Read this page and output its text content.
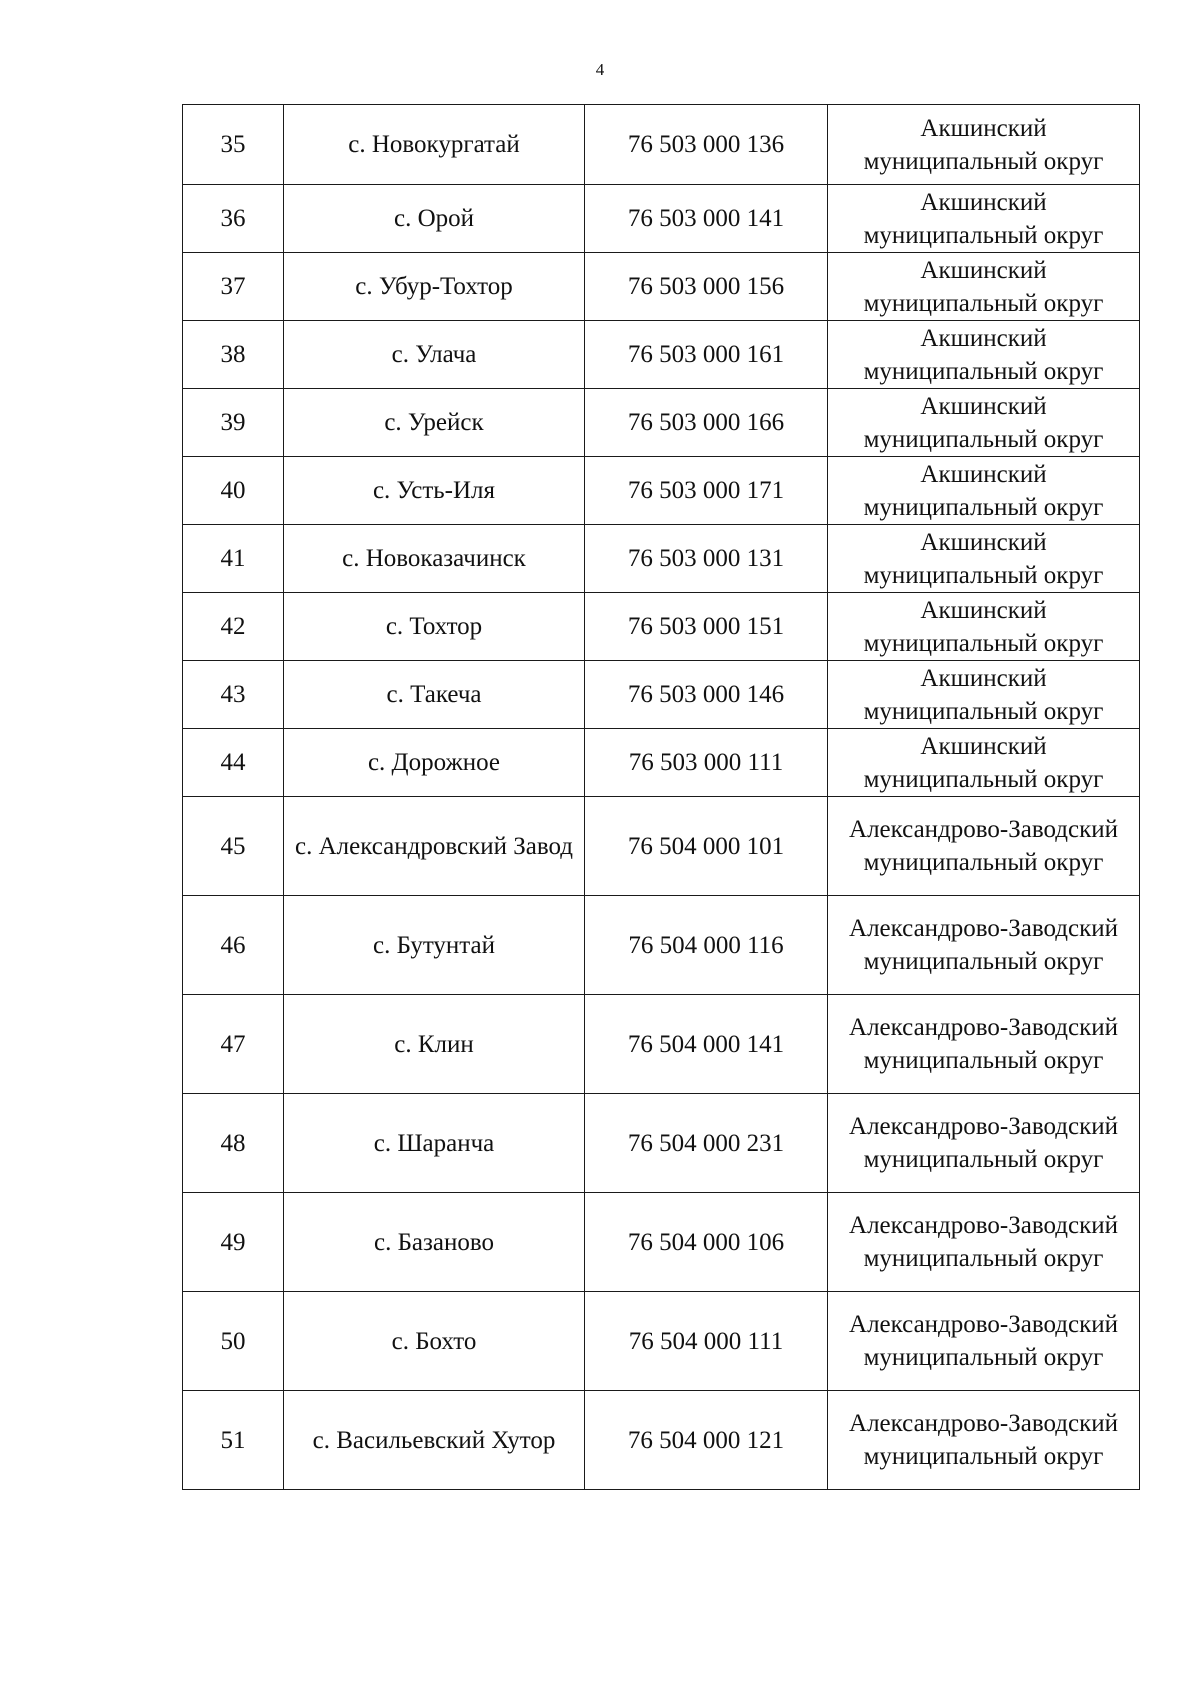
4
35	с. Новокургатай	76 503 000 136	Акшинский муниципальный округ
36	с. Орой	76 503 000 141	Акшинский муниципальный округ
37	с. Убур-Тохтор	76 503 000 156	Акшинский муниципальный округ
38	с. Улача	76 503 000 161	Акшинский муниципальный округ
39	с. Урейск	76 503 000 166	Акшинский муниципальный округ
40	с. Усть-Иля	76 503 000 171	Акшинский муниципальный округ
41	с. Новоказачинск	76 503 000 131	Акшинский муниципальный округ
42	с. Тохтор	76 503 000 151	Акшинский муниципальный округ
43	с. Такеча	76 503 000 146	Акшинский муниципальный округ
44	с. Дорожное	76 503 000 111	Акшинский муниципальный округ
45	с. Александровский Завод	76 504 000 101	Александрово-Заводский муниципальный округ
46	с. Бутунтай	76 504 000 116	Александрово-Заводский муниципальный округ
47	с. Клин	76 504 000 141	Александрово-Заводский муниципальный округ
48	с. Шаранча	76 504 000 231	Александрово-Заводский муниципальный округ
49	с. Базаново	76 504 000 106	Александрово-Заводский муниципальный округ
50	с. Бохто	76 504 000 111	Александрово-Заводский муниципальный округ
51	с. Васильевский Хутор	76 504 000 121	Александрово-Заводский муниципальный округ
